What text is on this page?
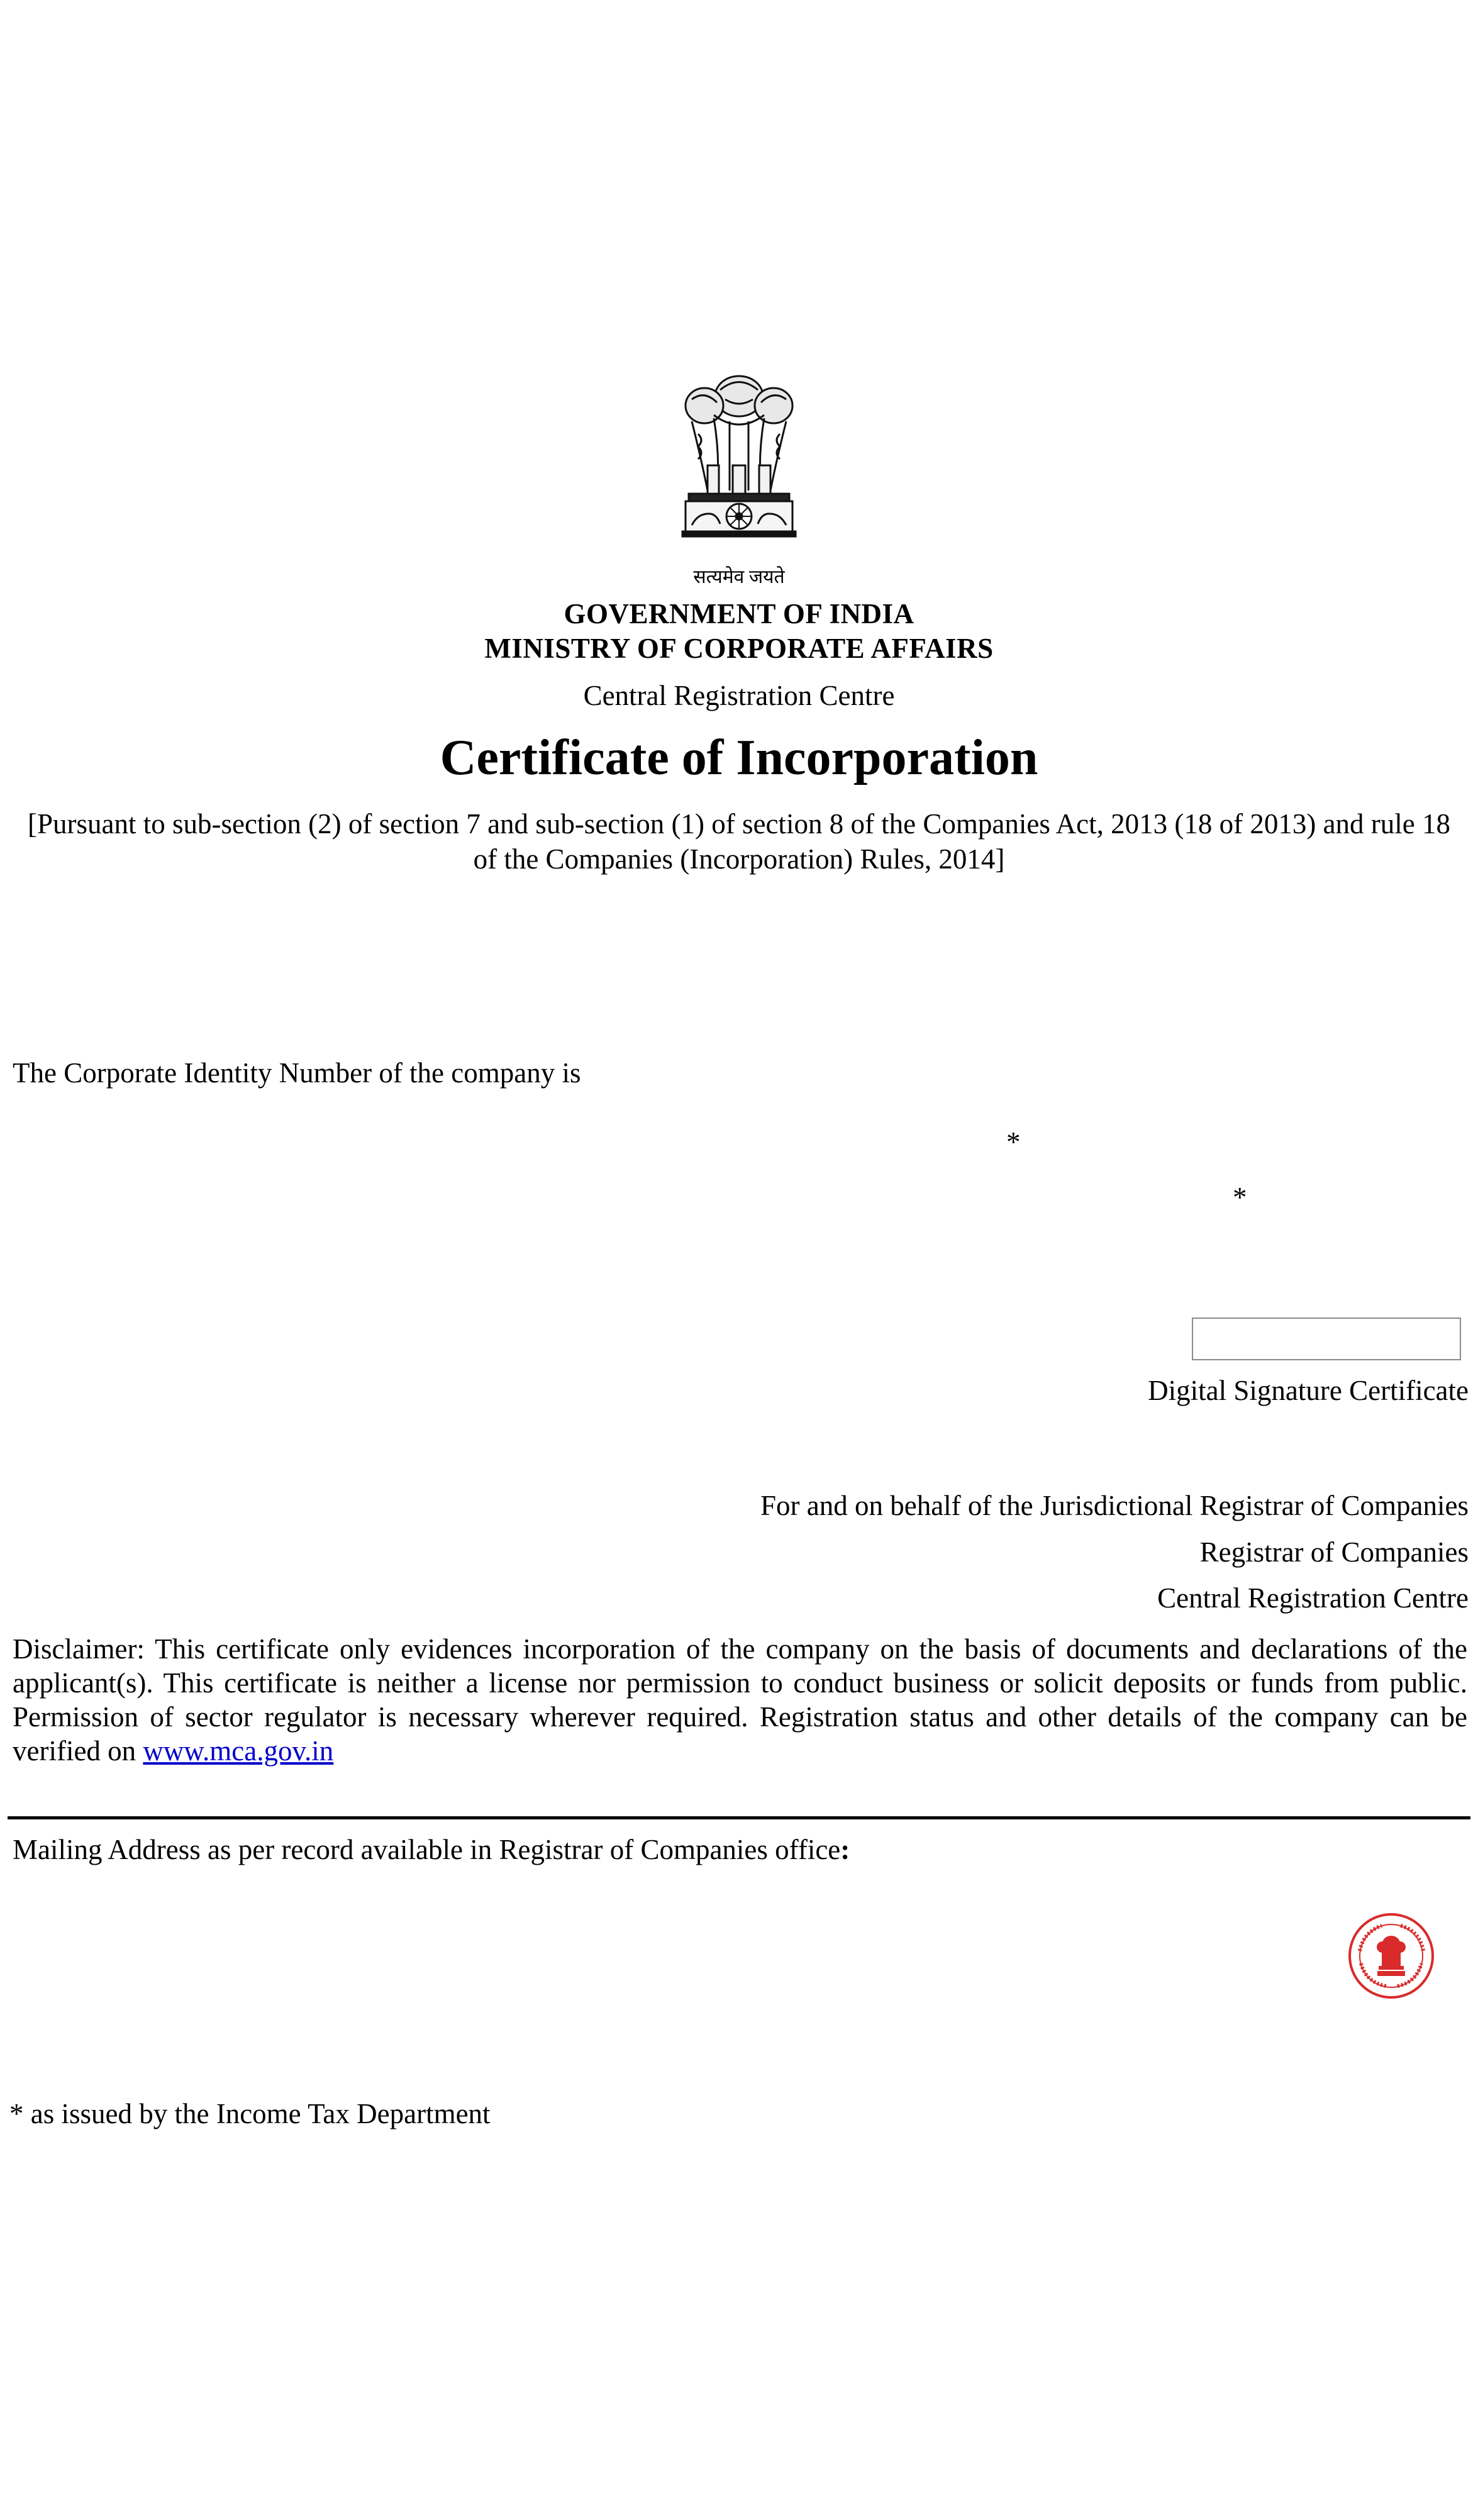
सत्यमेव जयते
GOVERNMENT OF INDIA
MINISTRY OF CORPORATE AFFAIRS
Central Registration Centre
Certificate of Incorporation
[Pursuant to sub-section (2) of section 7 and sub-section (1) of section 8 of the Companies Act, 2013 (18 of 2013) and rule 18 of the Companies (Incorporation) Rules, 2014]
The Corporate Identity Number of the company is
*
*
Digital Signature Certificate
For and on behalf of the Jurisdictional Registrar of Companies
Registrar of Companies
Central Registration Centre
Disclaimer: This certificate only evidences incorporation of the company on the basis of documents and declarations of the applicant(s). This certificate is neither a license nor permission to conduct business or solicit deposits or funds from public. Permission of sector regulator is necessary wherever required. Registration status and other details of the company can be verified on www.mca.gov.in
Mailing Address as per record available in Registrar of Companies office:
* as issued by the Income Tax Department
